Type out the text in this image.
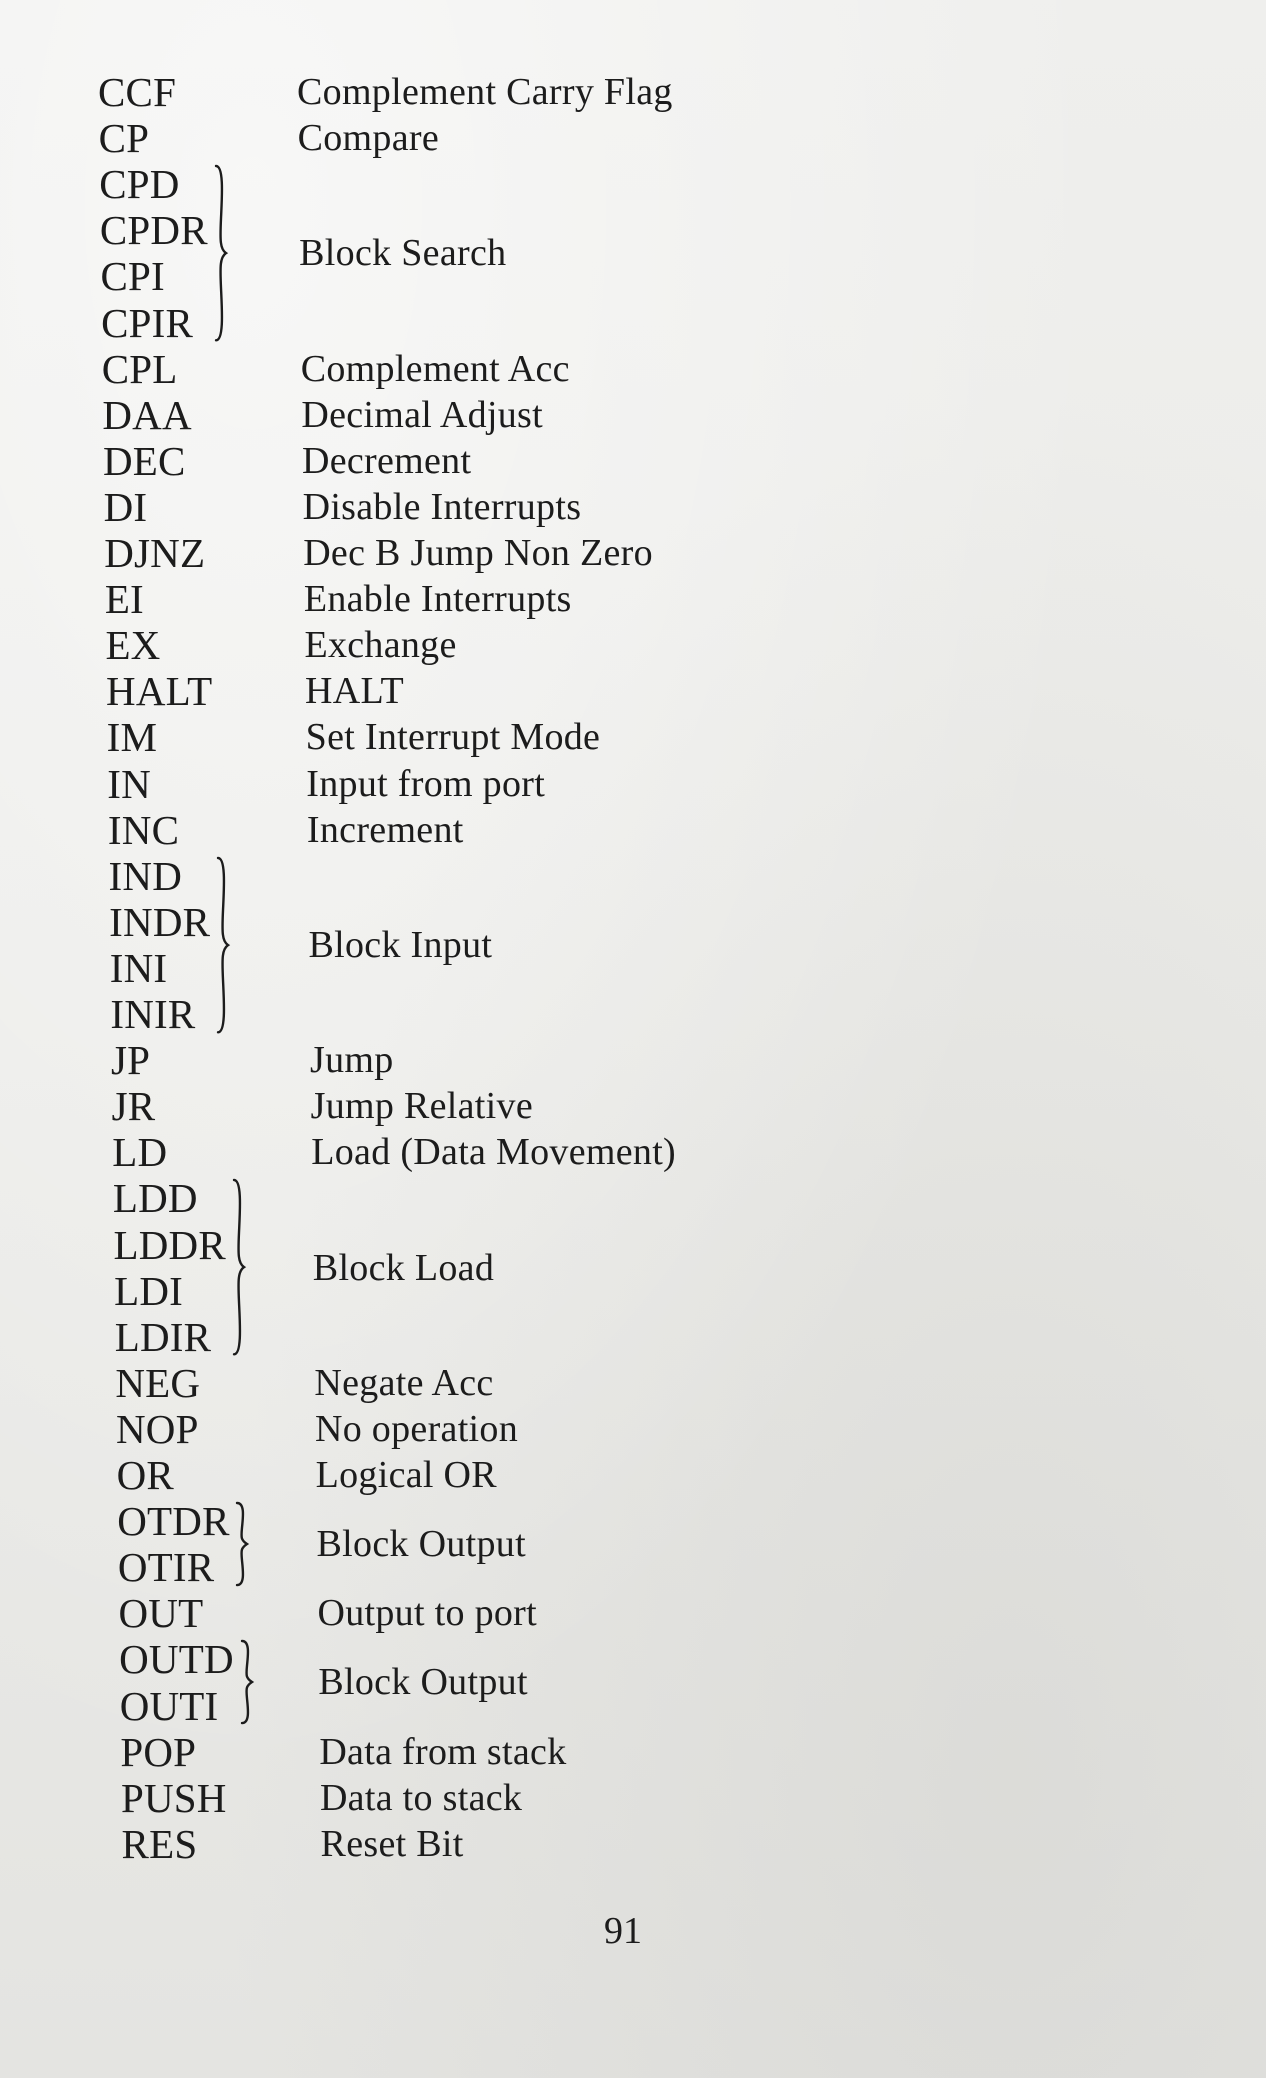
CCF	Complement Carry Flag
CP	Compare
CPD
CPDR
CPI
CPIR
Block Search
CPL	Complement Acc
DAA	Decimal Adjust
DEC	Decrement
DI	Disable Interrupts
DJNZ	Dec B Jump Non Zero
EI	Enable Interrupts
EX	Exchange
HALT HALT
IM	Set Interrupt Mode
IN	Input from port
INC	Increment
IND
INDR
INI
INIR
Block Input
JP	Jump
JR	Jump Relative
LD	Load (Data Movement)
LDD
LDDR
LDI
LDIR
Block Load
NEG	Negate Acc
NOP	No operation
OR	Logical OR
OTDR
OTIR
Block Output
OUT	Output to port
OUTD
OUTI
Block Output
POP	Data from stack
PUSH Data to stack
RES	Reset Bit
91
